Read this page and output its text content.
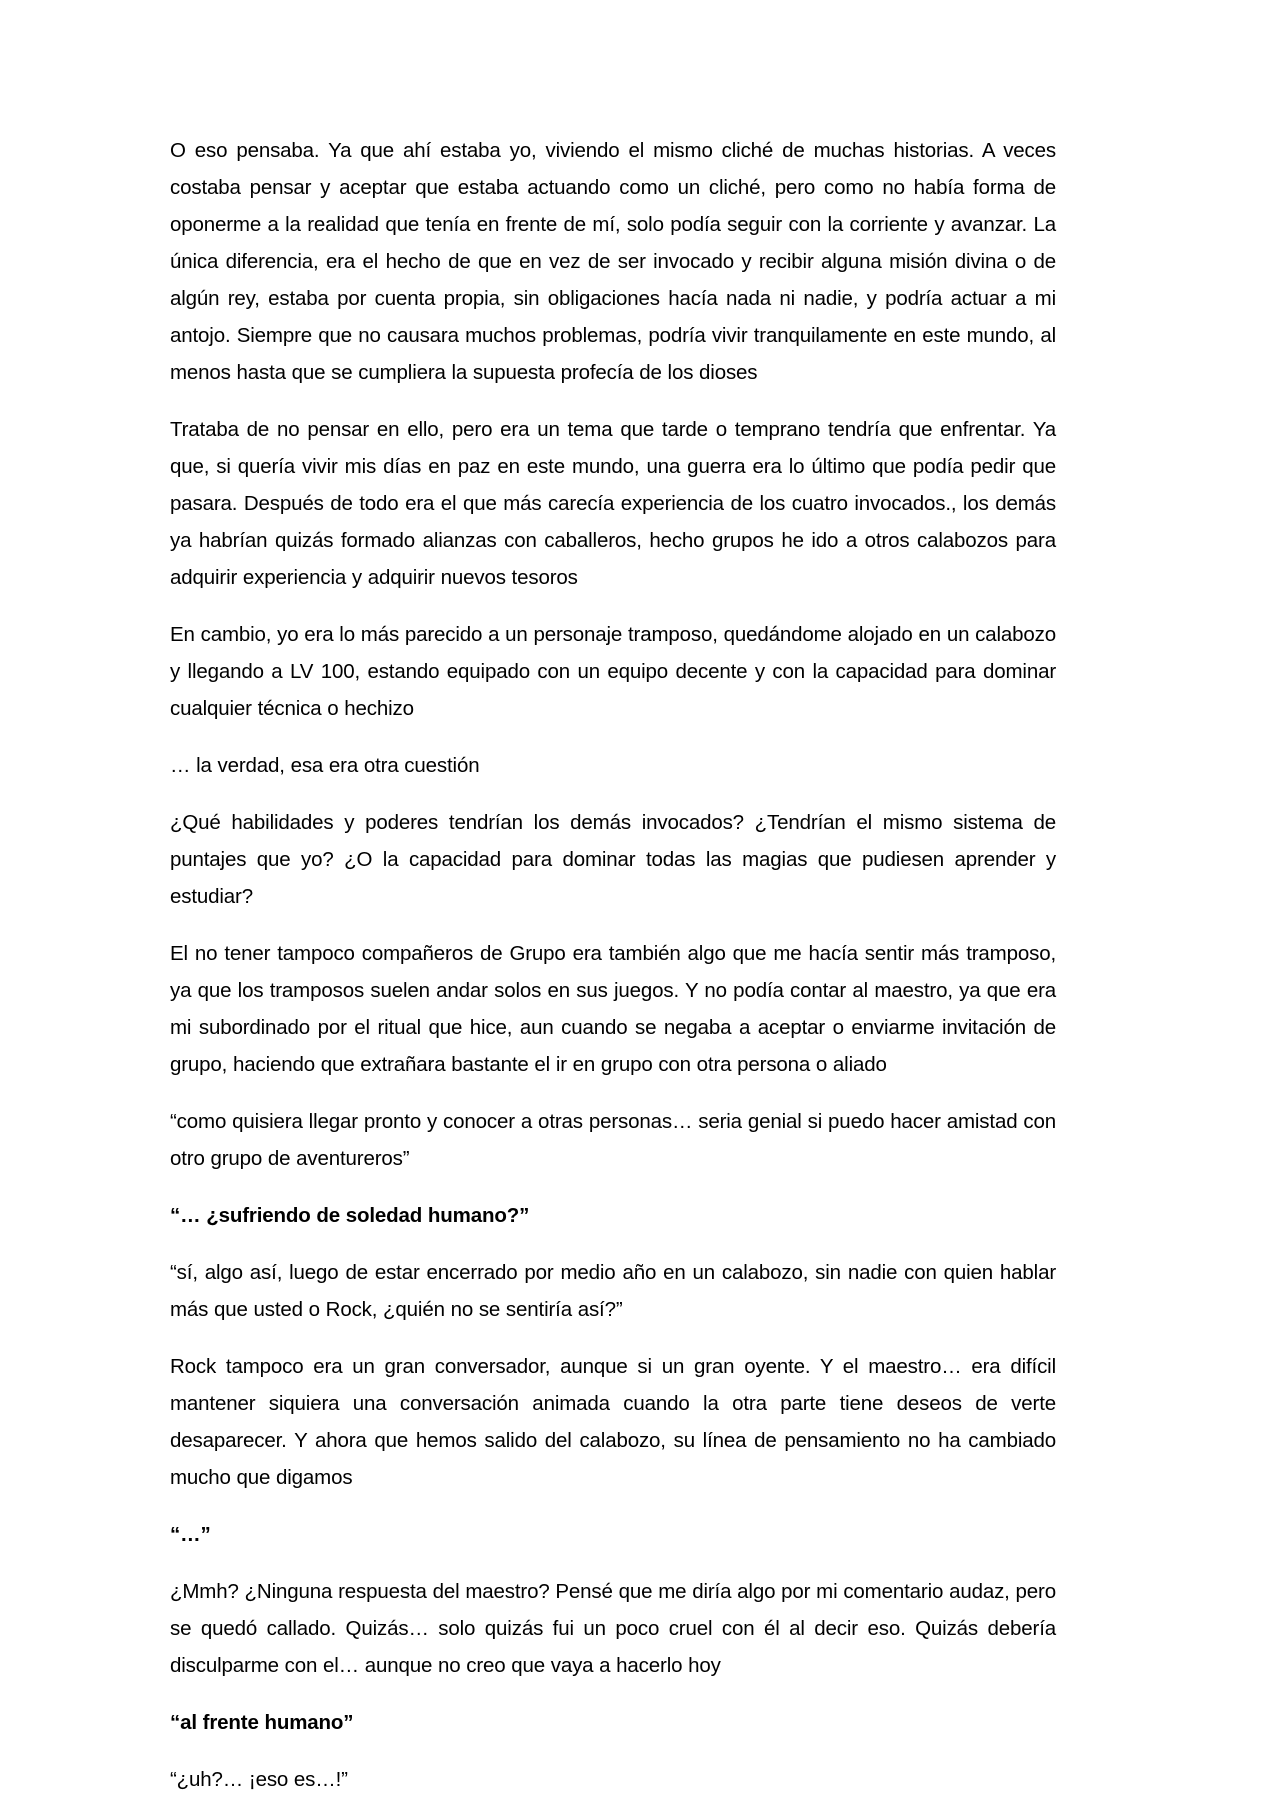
O eso pensaba. Ya que ahí estaba yo, viviendo el mismo cliché de muchas historias. A veces costaba pensar y aceptar que estaba actuando como un cliché, pero como no había forma de oponerme a la realidad que tenía en frente de mí, solo podía seguir con la corriente y avanzar. La única diferencia, era el hecho de que en vez de ser invocado y recibir alguna misión divina o de algún rey, estaba por cuenta propia, sin obligaciones hacía nada ni nadie, y podría actuar a mi antojo. Siempre que no causara muchos problemas, podría vivir tranquilamente en este mundo, al menos hasta que se cumpliera la supuesta profecía de los dioses

Trataba de no pensar en ello, pero era un tema que tarde o temprano tendría que enfrentar. Ya que, si quería vivir mis días en paz en este mundo, una guerra era lo último que podía pedir que pasara. Después de todo era el que más carecía experiencia de los cuatro invocados., los demás ya habrían quizás formado alianzas con caballeros, hecho grupos he ido a otros calabozos para adquirir experiencia y adquirir nuevos tesoros

En cambio, yo era lo más parecido a un personaje tramposo, quedándome alojado en un calabozo y llegando a LV 100, estando equipado con un equipo decente y con la capacidad para dominar cualquier técnica o hechizo

… la verdad, esa era otra cuestión

¿Qué habilidades y poderes tendrían los demás invocados? ¿Tendrían el mismo sistema de puntajes que yo? ¿O la capacidad para dominar todas las magias que pudiesen aprender y estudiar?

El no tener tampoco compañeros de Grupo era también algo que me hacía sentir más tramposo, ya que los tramposos suelen andar solos en sus juegos. Y no podía contar al maestro, ya que era mi subordinado por el ritual que hice, aun cuando se negaba a aceptar o enviarme invitación de grupo, haciendo que extrañara bastante el ir en grupo con otra persona o aliado

“como quisiera llegar pronto y conocer a otras personas… seria genial si puedo hacer amistad con otro grupo de aventureros”

“… ¿sufriendo de soledad humano?”

“sí, algo así, luego de estar encerrado por medio año en un calabozo, sin nadie con quien hablar más que usted o Rock, ¿quién no se sentiría así?”

Rock tampoco era un gran conversador, aunque si un gran oyente. Y el maestro… era difícil mantener siquiera una conversación animada cuando la otra parte tiene deseos de verte desaparecer. Y ahora que hemos salido del calabozo, su línea de pensamiento no ha cambiado mucho que digamos

“…”

¿Mmh? ¿Ninguna respuesta del maestro? Pensé que me diría algo por mi comentario audaz, pero se quedó callado. Quizás… solo quizás fui un poco cruel con él al decir eso. Quizás debería disculparme con el… aunque no creo que vaya a hacerlo hoy

“al frente humano”

“¿uh?… ¡eso es…!”
